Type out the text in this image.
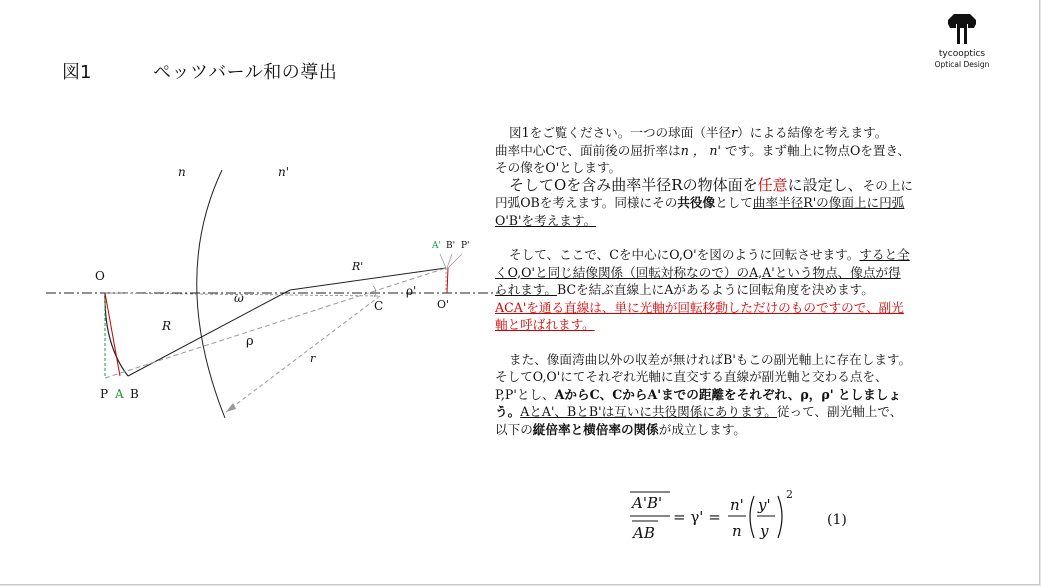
図1	ペッツバール和の導出
tycooptics
Optical Design
n	n'
O
R'
ρ'
O'
C
ω
R
ρ
r
P A B
A' B' P'

図1をご覧ください。一つの球面（半径r）による結像を考えます。

曲率中心Cで、面前後の屈折率はn ， n' です。まず軸上に物点Oを置き、

その像をO'とします。

そしてOを含み曲率半径Rの物体面を任意に設定し、その上に

円弧OBを考えます。同様にその共役像として曲率半径R'の像面上に円弧

O'B'を考えます。

そして、ここで、Cを中心にO,O'を図のように回転させます。すると全

くO,O'と同じ結像関係（回転対称なので）のA,A'という物点、像点が得

られます。BCを結ぶ直線上にAがあるように回転角度を決めます。

ACA'を通る直線は、単に光軸が回転移動しただけのものですので、副光

軸と呼ばれます。

また、像面湾曲以外の収差が無ければB'もこの副光軸上に存在します。

そしてO,O'にてそれぞれ光軸に直交する直線が副光軸と交わる点を、

P,P'とし、AからC、CからA'までの距離をそれぞれ、ρ，ρ' としましょ

う。AとA'、BとB'は互いに共役関係にあります。従って、副光軸上で、

以下の縦倍率と横倍率の関係が成立します。

A'B'
AB
= γ' =
n'
n
y'
y
2
(1)
